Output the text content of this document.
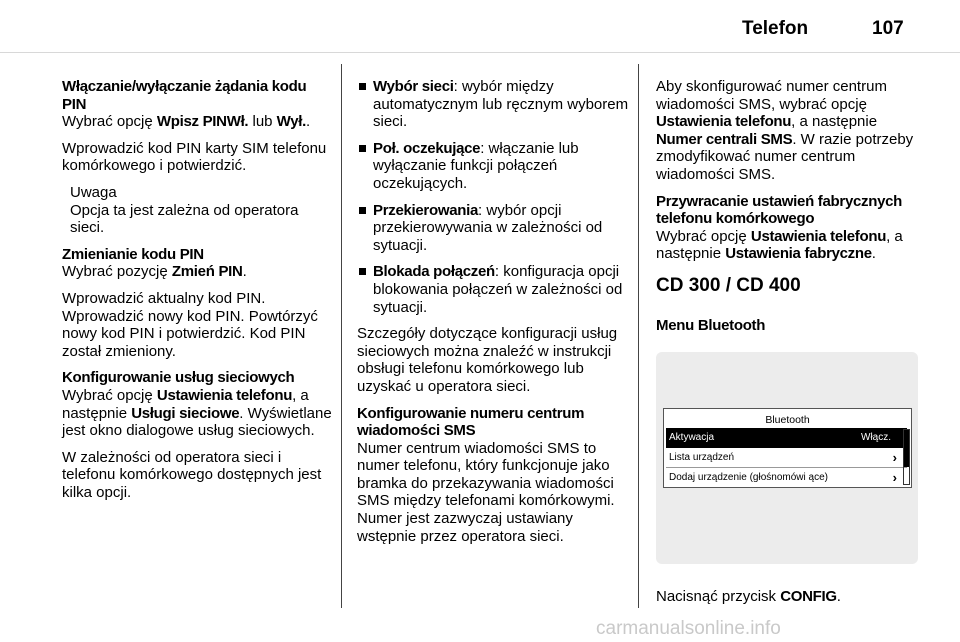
Telefon	107
Włączanie/wyłączanie żądania kodu PIN

Wybrać opcję Wpisz PINWł. lub Wył..

Wprowadzić kod PIN karty SIM telefonu komórkowego i potwierdzić.

Uwaga
Opcja ta jest zależna od operatora sieci.
Zmienianie kodu PIN

Wybrać pozycję Zmień PIN.

Wprowadzić aktualny kod PIN. Wprowadzić nowy kod PIN. Powtórzyć nowy kod PIN i potwierdzić. Kod PIN został zmieniony.

Konfigurowanie usług sieciowych

Wybrać opcję Ustawienia telefonu, a następnie Usługi sieciowe. Wyświetlane jest okno dialogowe usług sieciowych.

W zależności od operatora sieci i telefonu komórkowego dostępnych jest kilka opcji.

Wybór sieci: wybór między automatycznym lub ręcznym wyborem sieci.
Poł. oczekujące: włączanie lub wyłączanie funkcji połączeń oczekujących.
Przekierowania: wybór opcji przekierowywania w zależności od sytuacji.
Blokada połączeń: konfiguracja opcji blokowania połączeń w zależności od sytuacji.

Szczegóły dotyczące konfiguracji usług sieciowych można znaleźć w instrukcji obsługi telefonu komórkowego lub uzyskać u operatora sieci.

Konfigurowanie numeru centrum wiadomości SMS

Numer centrum wiadomości SMS to numer telefonu, który funkcjonuje jako bramka do przekazywania wiadomości SMS między telefonami komórkowymi. Numer jest zazwyczaj ustawiany wstępnie przez operatora sieci.

Aby skonfigurować numer centrum wiadomości SMS, wybrać opcję Ustawienia telefonu, a następnie Numer centrali SMS. W razie potrzeby zmodyfikować numer centrum wiadomości SMS.

Przywracanie ustawień fabrycznych telefonu komórkowego

Wybrać opcję Ustawienia telefonu, a następnie Ustawienia fabryczne.

CD 300 / CD 400
Menu Bluetooth
Bluetooth
Aktywacja	Włącz.
Lista urządzeń	›
Dodaj urządzenie (głośnomówi ące)	›

Nacisnąć przycisk CONFIG.

carmanualsonline.info
